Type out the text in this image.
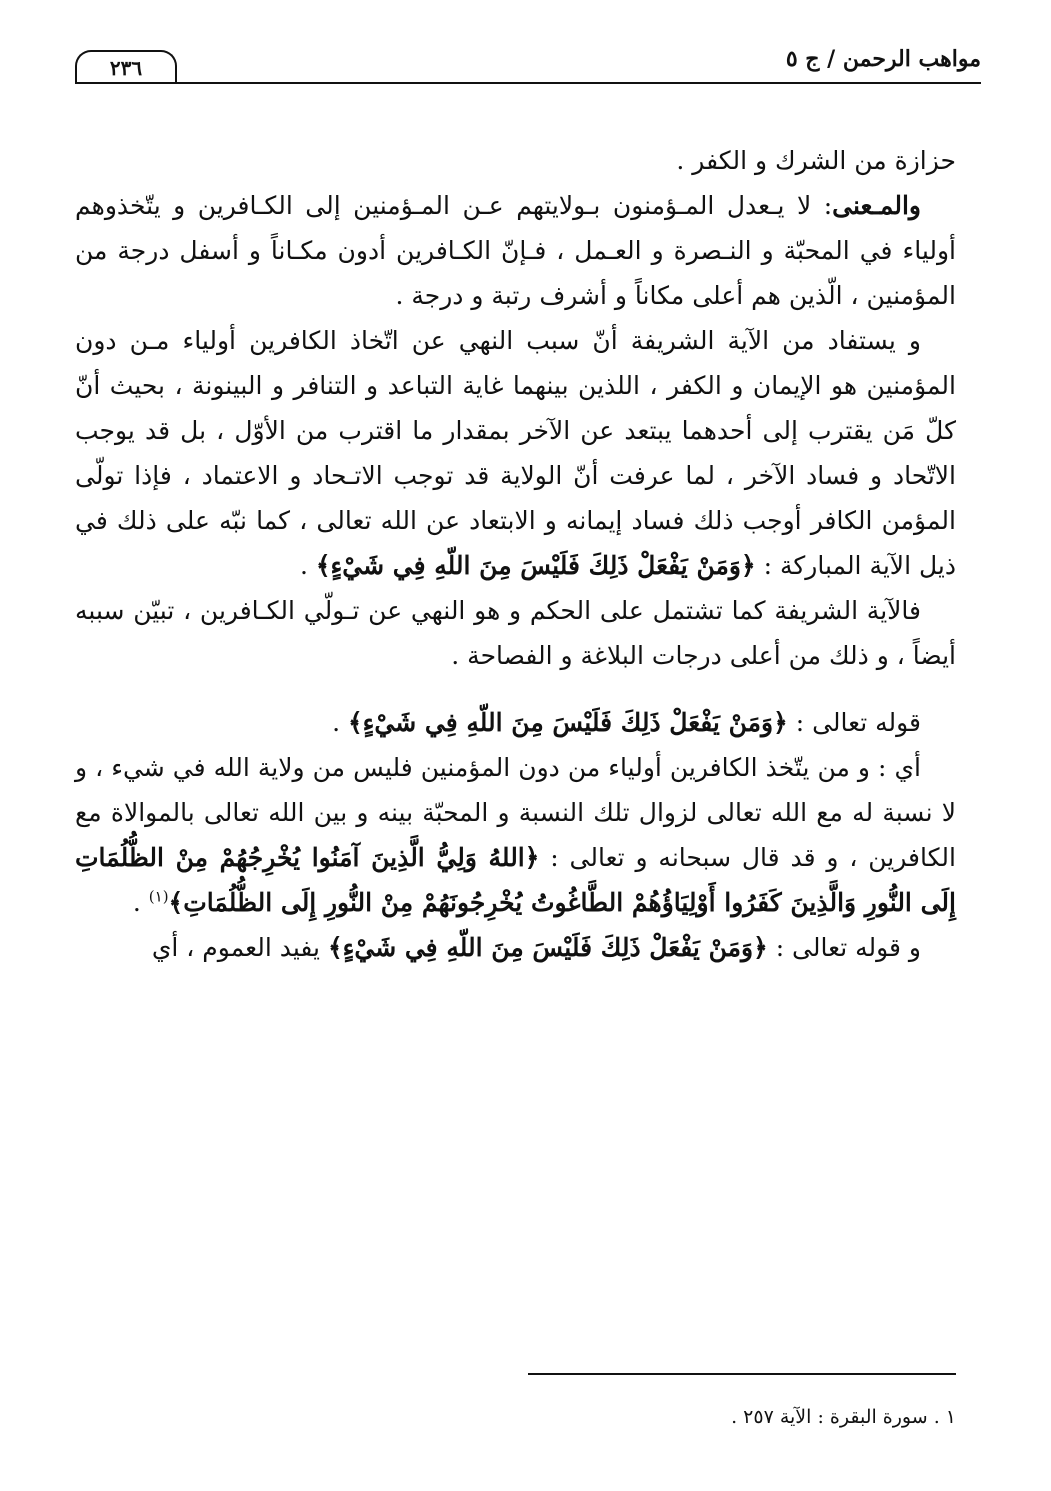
مواهب الرحمن / ج ٥
٢٣٦

حزازة من الشرك و الكفر .

والمـعنى: لا يـعدل المـؤمنون بـولايتهم عـن المـؤمنين إلى الكـافرين و يتّخذوهم أولياء في المحبّة و النـصرة و العـمل ، فـإنّ الكـافرين أدون مكـاناً و أسفل درجة من المؤمنين ، الّذين هم أعلى مكاناً و أشرف رتبة و درجة .

و يستفاد من الآية الشريفة أنّ سبب النهي عن اتّخاذ الكافرين أولياء مـن دون المؤمنين هو الإيمان و الكفر ، اللذين بينهما غاية التباعد و التنافر و البينونة ، بحيث أنّ كلّ مَن يقترب إلى أحدهما يبتعد عن الآخر بمقدار ما اقترب من الأوّل ، بل قد يوجب الاتّحاد و فساد الآخر ، لما عرفت أنّ الولاية قد توجب الاتـحاد و الاعتماد ، فإذا تولّى المؤمن الكافر أوجب ذلك فساد إيمانه و الابتعاد عن الله تعالى ، كما نبّه على ذلك في ذيل الآية المباركة : ﴿وَمَنْ يَفْعَلْ ذَلِكَ فَلَيْسَ مِنَ اللّهِ فِي شَيْءٍ﴾ .

فالآية الشريفة كما تشتمل على الحكم و هو النهي عن تـولّي الكـافرين ، تبيّن سببه أيضاً ، و ذلك من أعلى درجات البلاغة و الفصاحة .

قوله تعالى : ﴿وَمَنْ يَفْعَلْ ذَلِكَ فَلَيْسَ مِنَ اللّهِ فِي شَيْءٍ﴾ .

أي : و من يتّخذ الكافرين أولياء من دون المؤمنين فليس من ولاية الله في شيء ، و لا نسبة له مع الله تعالى لزوال تلك النسبة و المحبّة بينه و بين الله تعالى بالموالاة مع الكافرين ، و قد قال سبحانه و تعالى : ﴿اللهُ وَلِيُّ الَّذِينَ آمَنُوا يُخْرِجُهُمْ مِنْ الظُّلُمَاتِ إِلَى النُّورِ وَالَّذِينَ كَفَرُوا أَوْلِيَاؤُهُمْ الطَّاغُوتُ يُخْرِجُونَهُمْ مِنْ النُّورِ إِلَى الظُّلُمَاتِ﴾$^{(١)}$ .

و قوله تعالى : ﴿وَمَنْ يَفْعَلْ ذَلِكَ فَلَيْسَ مِنَ اللّهِ فِي شَيْءٍ﴾ يفيد العموم ، أي

١ . سورة البقرة : الآية ٢٥٧ .
